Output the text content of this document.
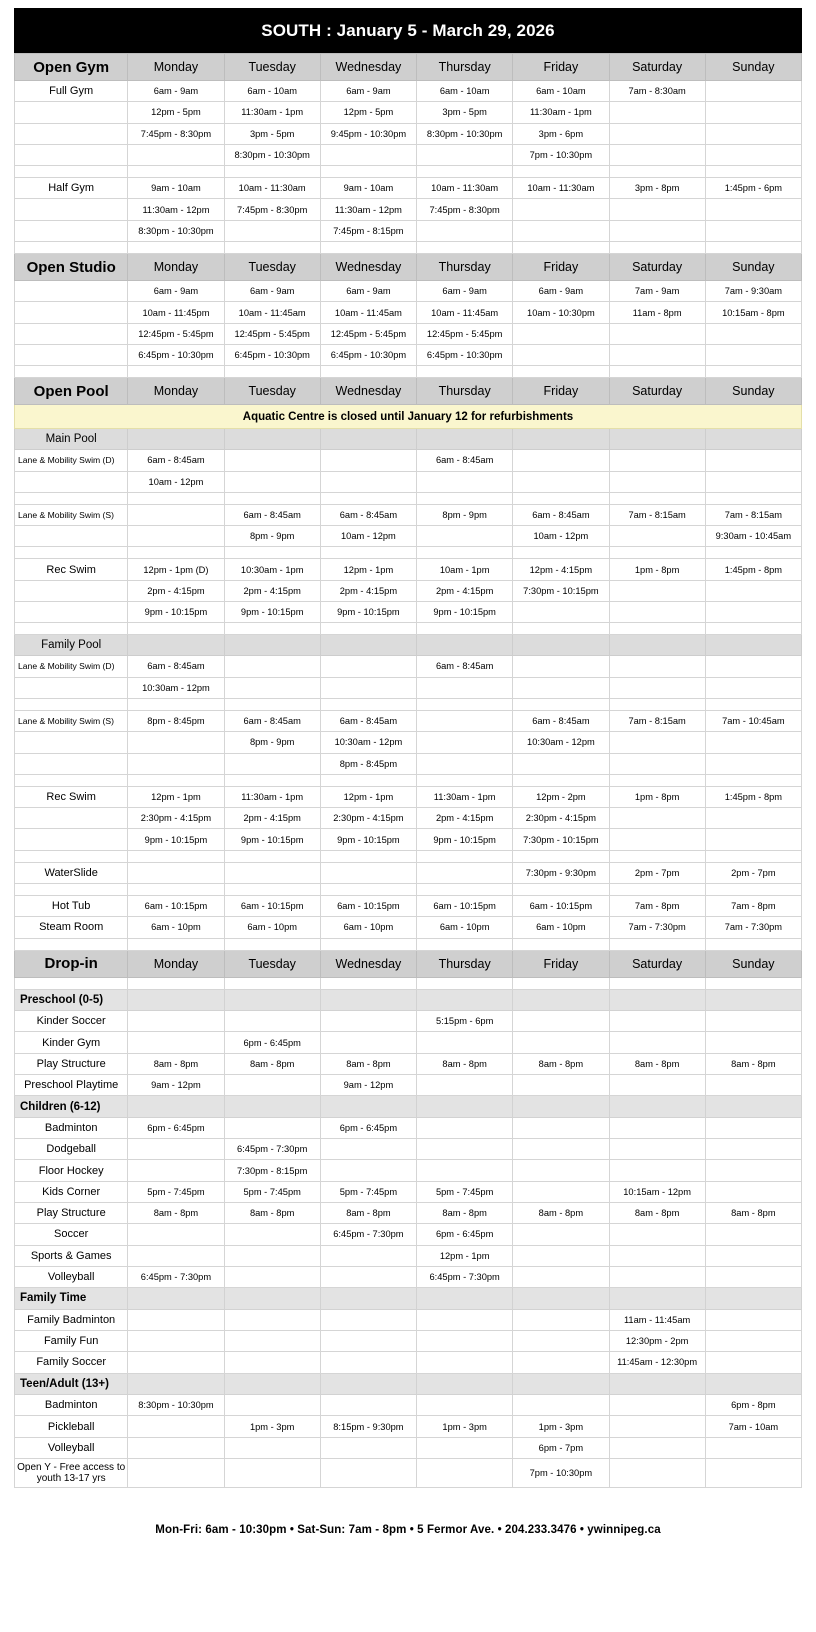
SOUTH : January 5 - March 29, 2026
Open Gym	Monday	Tuesday	Wednesday	Thursday	Friday	Saturday	Sunday
Full Gym	6am - 9am	6am - 10am	6am - 9am	6am - 10am	6am - 10am	7am - 8:30am	
	12pm - 5pm	11:30am - 1pm	12pm - 5pm	3pm - 5pm	11:30am - 1pm		
	7:45pm - 8:30pm	3pm - 5pm	9:45pm - 10:30pm	8:30pm - 10:30pm	3pm - 6pm		
		8:30pm - 10:30pm			7pm - 10:30pm		

Half Gym	9am - 10am	10am - 11:30am	9am - 10am	10am - 11:30am	10am - 11:30am	3pm - 8pm	1:45pm - 6pm
	11:30am - 12pm	7:45pm - 8:30pm	11:30am - 12pm	7:45pm - 8:30pm			
	8:30pm - 10:30pm		7:45pm - 8:15pm				

Open Studio	Monday	Tuesday	Wednesday	Thursday	Friday	Saturday	Sunday
	6am - 9am	6am - 9am	6am - 9am	6am - 9am	6am - 9am	7am - 9am	7am - 9:30am
	10am - 11:45pm	10am - 11:45am	10am - 11:45am	10am - 11:45am	10am - 10:30pm	11am - 8pm	10:15am - 8pm
	12:45pm - 5:45pm	12:45pm - 5:45pm	12:45pm - 5:45pm	12:45pm - 5:45pm			
	6:45pm - 10:30pm	6:45pm - 10:30pm	6:45pm - 10:30pm	6:45pm - 10:30pm			

Open Pool	Monday	Tuesday	Wednesday	Thursday	Friday	Saturday	Sunday
Aquatic Centre is closed until January 12 for refurbishments							
Main Pool							
Lane & Mobility Swim (D)	6am - 8:45am			6am - 8:45am			
	10am - 12pm						

Lane & Mobility Swim (S)		6am - 8:45am	6am - 8:45am	8pm - 9pm	6am - 8:45am	7am - 8:15am	7am - 8:15am
		8pm - 9pm	10am - 12pm		10am - 12pm		9:30am - 10:45am

Rec Swim	12pm - 1pm (D)	10:30am - 1pm	12pm - 1pm	10am - 1pm	12pm - 4:15pm	1pm - 8pm	1:45pm - 8pm
	2pm - 4:15pm	2pm - 4:15pm	2pm - 4:15pm	2pm - 4:15pm	7:30pm - 10:15pm		
	9pm - 10:15pm	9pm - 10:15pm	9pm - 10:15pm	9pm - 10:15pm			

Family Pool							
Lane & Mobility Swim (D)	6am - 8:45am			6am - 8:45am			
	10:30am - 12pm						

Lane & Mobility Swim (S)	8pm - 8:45pm	6am - 8:45am	6am - 8:45am		6am - 8:45am	7am - 8:15am	7am - 10:45am
		8pm - 9pm	10:30am - 12pm		10:30am - 12pm		
			8pm - 8:45pm				

Rec Swim	12pm - 1pm	11:30am - 1pm	12pm - 1pm	11:30am - 1pm	12pm - 2pm	1pm - 8pm	1:45pm - 8pm
	2:30pm - 4:15pm	2pm - 4:15pm	2:30pm - 4:15pm	2pm - 4:15pm	2:30pm - 4:15pm		
	9pm - 10:15pm	9pm - 10:15pm	9pm - 10:15pm	9pm - 10:15pm	7:30pm - 10:15pm		

WaterSlide					7:30pm - 9:30pm	2pm - 7pm	2pm - 7pm

Hot Tub	6am - 10:15pm	6am - 10:15pm	6am - 10:15pm	6am - 10:15pm	6am - 10:15pm	7am - 8pm	7am - 8pm
Steam Room	6am - 10pm	6am - 10pm	6am - 10pm	6am - 10pm	6am - 10pm	7am - 7:30pm	7am - 7:30pm

Drop-in	Monday	Tuesday	Wednesday	Thursday	Friday	Saturday	Sunday

Preschool (0-5)							
Kinder Soccer				5:15pm - 6pm			
Kinder Gym		6pm - 6:45pm					
Play Structure	8am - 8pm	8am - 8pm	8am - 8pm	8am - 8pm	8am - 8pm	8am - 8pm	8am - 8pm
Preschool Playtime	9am - 12pm		9am - 12pm				
Children (6-12)							
Badminton	6pm - 6:45pm		6pm - 6:45pm				
Dodgeball		6:45pm - 7:30pm					
Floor Hockey		7:30pm - 8:15pm					
Kids Corner	5pm - 7:45pm	5pm - 7:45pm	5pm - 7:45pm	5pm - 7:45pm		10:15am - 12pm	
Play Structure	8am - 8pm	8am - 8pm	8am - 8pm	8am - 8pm	8am - 8pm	8am - 8pm	8am - 8pm
Soccer			6:45pm - 7:30pm	6pm - 6:45pm			
Sports & Games				12pm - 1pm			
Volleyball	6:45pm - 7:30pm			6:45pm - 7:30pm			
Family Time							
Family Badminton						11am - 11:45am	
Family Fun						12:30pm - 2pm	
Family Soccer						11:45am - 12:30pm	
Teen/Adult (13+)							
Badminton	8:30pm - 10:30pm						6pm - 8pm
Pickleball		1pm - 3pm	8:15pm - 9:30pm	1pm - 3pm	1pm - 3pm		7am - 10am
Volleyball					6pm - 7pm		
Open Y - Free access to youth 13-17 yrs					7pm - 10:30pm		
Mon-Fri: 6am - 10:30pm • Sat-Sun: 7am - 8pm • 5 Fermor Ave. • 204.233.3476 • ywinnipeg.ca
